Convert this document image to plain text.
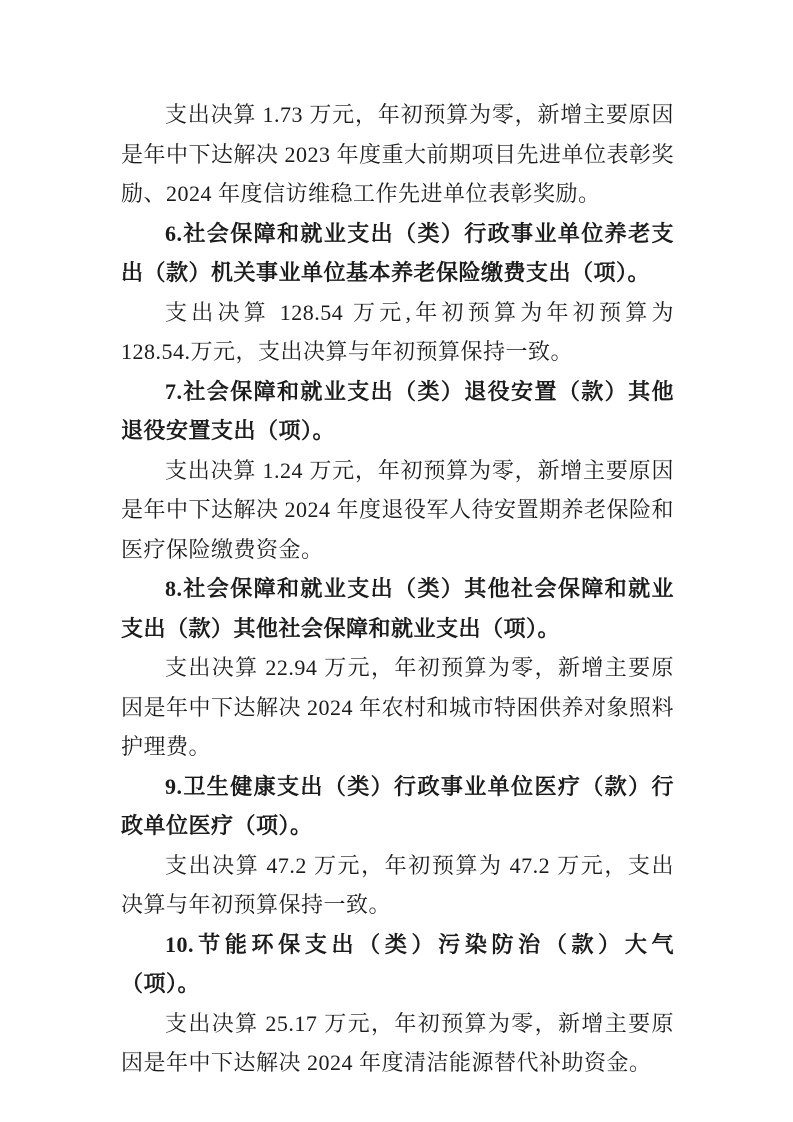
支出决算 1.73 万元，年初预算为零，新增主要原因是年中下达解决 2023 年度重大前期项目先进单位表彰奖励、2024 年度信访维稳工作先进单位表彰奖励。

6.社会保障和就业支出（类）行政事业单位养老支出（款）机关事业单位基本养老保险缴费支出（项）。

支出决算 128.54 万元,年初预算为年初预算为 128.54.万元，支出决算与年初预算保持一致。

7.社会保障和就业支出（类）退役安置（款）其他退役安置支出（项）。

支出决算 1.24 万元，年初预算为零，新增主要原因是年中下达解决 2024 年度退役军人待安置期养老保险和医疗保险缴费资金。

8.社会保障和就业支出（类）其他社会保障和就业支出（款）其他社会保障和就业支出（项）。

支出决算 22.94 万元，年初预算为零，新增主要原因是年中下达解决 2024 年农村和城市特困供养对象照料护理费。

9.卫生健康支出（类）行政事业单位医疗（款）行政单位医疗（项）。

支出决算 47.2 万元，年初预算为 47.2 万元，支出决算与年初预算保持一致。

10.节能环保支出（类）污染防治（款）大气（项）。

支出决算 25.17 万元，年初预算为零，新增主要原因是年中下达解决 2024 年度清洁能源替代补助资金。
